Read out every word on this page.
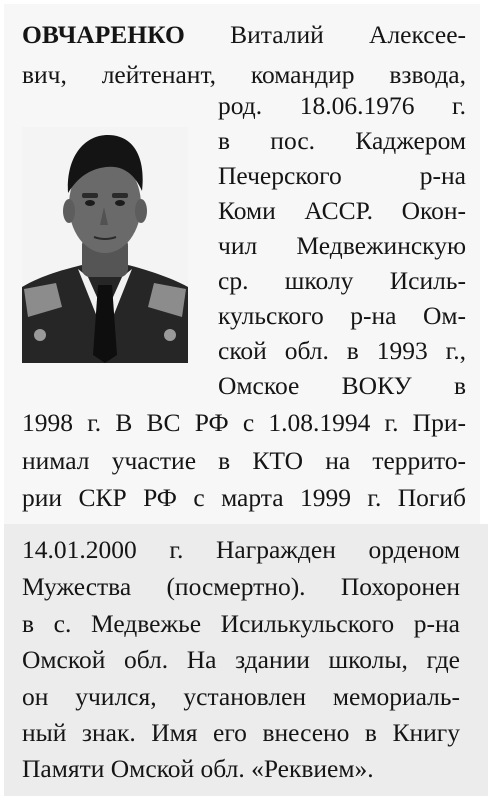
ОВЧАРЕНКО Виталий Алексее-

вич, лейтенант, командир взвода,

род. 18.06.1976 г.

в пос. Каджером

Печерского р-на

Коми АССР. Окон-

чил Медвежинскую

ср. школу Исиль-

кульского р-на Ом-

ской обл. в 1993 г.,

Омское ВОКУ в

1998 г. В ВС РФ с 1.08.1994 г. При-

нимал участие в КТО на террито-

рии СКР РФ с марта 1999 г. Погиб

14.01.2000 г. Награжден орденом

Мужества (посмертно). Похоронен

в с. Медвежье Исилькульского р-на

Омской обл. На здании школы, где

он учился, установлен мемориаль-

ный знак. Имя его внесено в Книгу

Памяти Омской обл. «Реквием».
